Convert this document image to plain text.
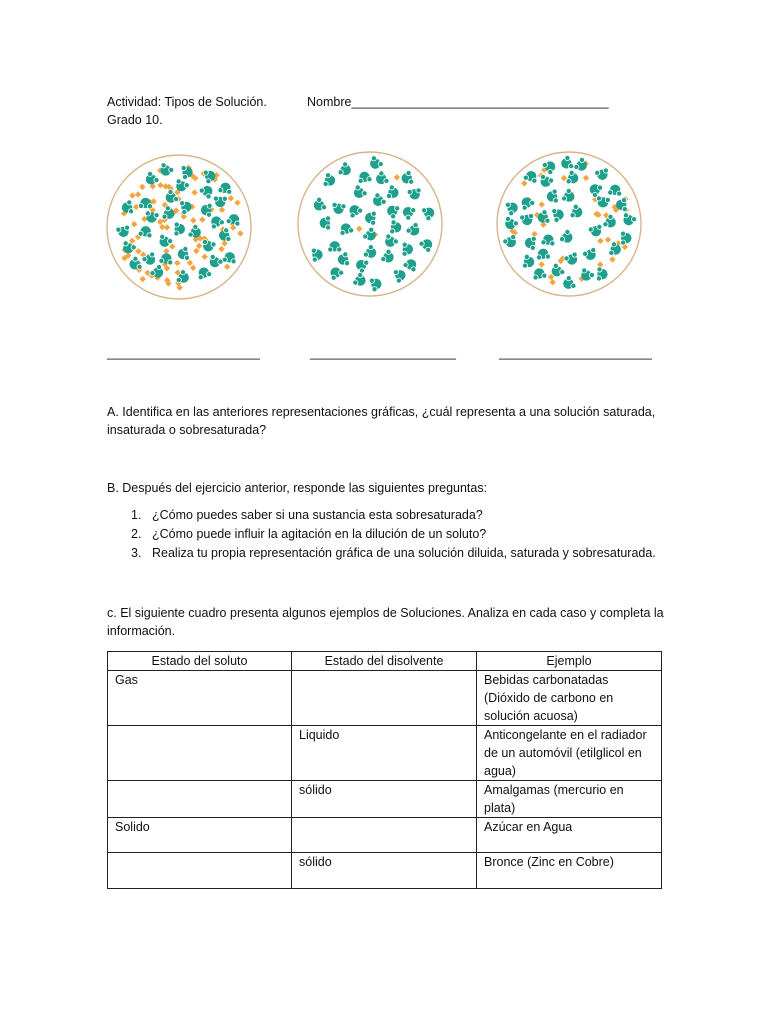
Actividad: Tipos de Solución.	Nombre_____________________________________
Grado 10.
______________________	_____________________	______________________
A. Identifica en las anteriores representaciones gráficas, ¿cuál representa a una solución saturada, insaturada o sobresaturada?
B. Después del ejercicio anterior, responde las siguientes preguntas:
1. ¿Cómo puedes saber si una sustancia esta sobresaturada?
2. ¿Cómo puede influir la agitación en la dilución de un soluto?
3. Realiza tu propia representación gráfica de una solución diluida, saturada y sobresaturada.
c. El siguiente cuadro presenta algunos ejemplos de Soluciones. Analiza en cada caso y completa la información.
Estado del soluto	Estado del disolvente	Ejemplo
Gas		Bebidas carbonatadas (Dióxido de carbono en solución acuosa)
	Liquido	Anticongelante en el radiador de un automóvil (etilglicol en agua)
	sólido	Amalgamas (mercurio en plata)
Solido		Azúcar en Agua
	sólido	Bronce (Zinc en Cobre)
